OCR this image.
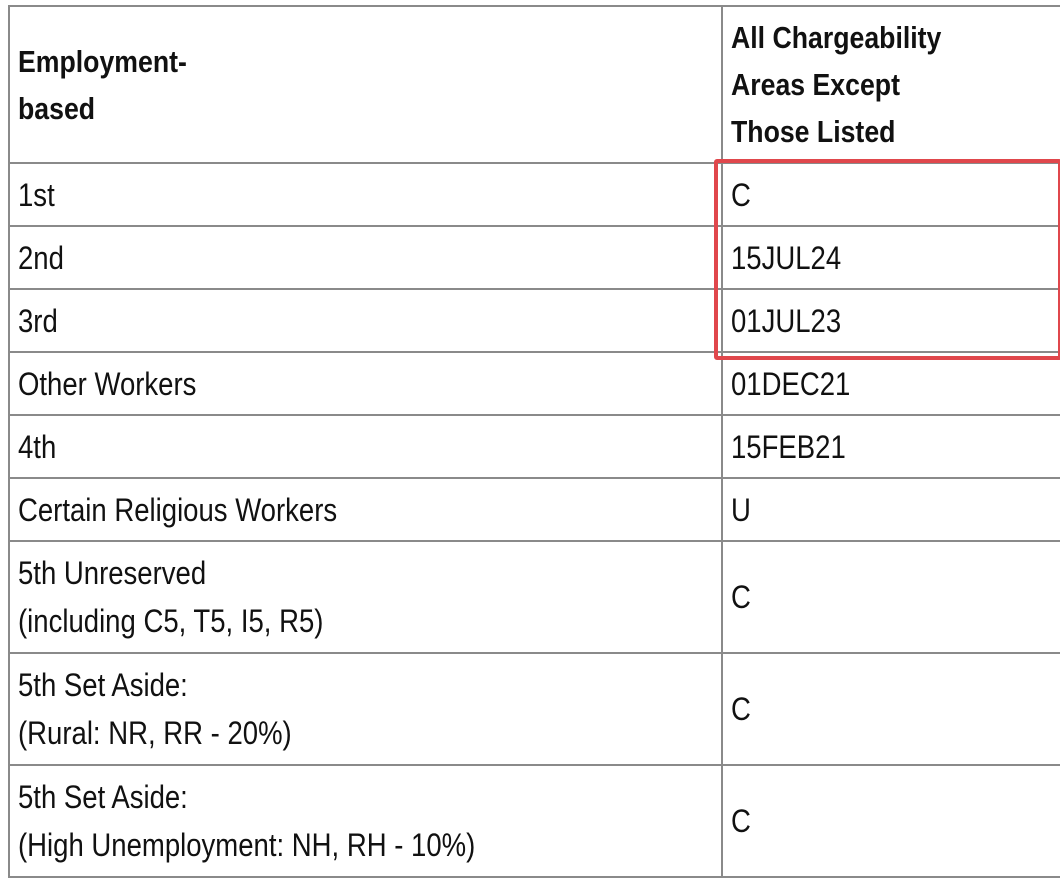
Employment-
based	All Chargeability
Areas Except
Those Listed
1st	C
2nd	15JUL24
3rd	01JUL23
Other Workers	01DEC21
4th	15FEB21
Certain Religious Workers	U
5th Unreserved
(including C5, T5, I5, R5)	C
5th Set Aside:
(Rural: NR, RR - 20%)	C
5th Set Aside:
(High Unemployment: NH, RH - 10%)	C
